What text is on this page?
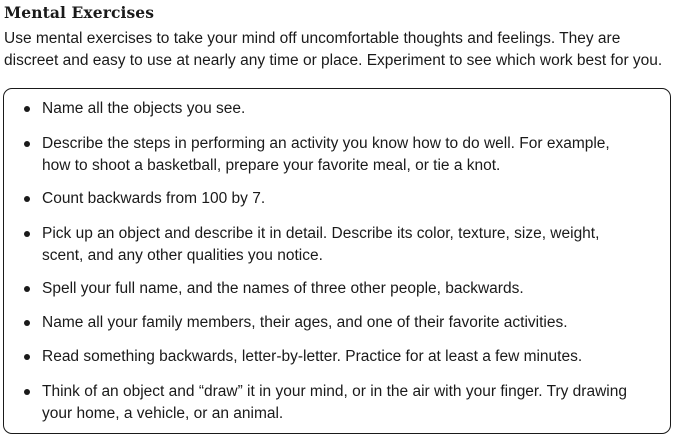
Mental Exercises
Use mental exercises to take your mind off uncomfortable thoughts and feelings. They are discreet and easy to use at nearly any time or place. Experiment to see which work best for you.
Name all the objects you see.
Describe the steps in performing an activity you know how to do well. For example, how to shoot a basketball, prepare your favorite meal, or tie a knot.
Count backwards from 100 by 7.
Pick up an object and describe it in detail. Describe its color, texture, size, weight, scent, and any other qualities you notice.
Spell your full name, and the names of three other people, backwards.
Name all your family members, their ages, and one of their favorite activities.
Read something backwards, letter-by-letter. Practice for at least a few minutes.
Think of an object and “draw” it in your mind, or in the air with your finger. Try drawing your home, a vehicle, or an animal.
